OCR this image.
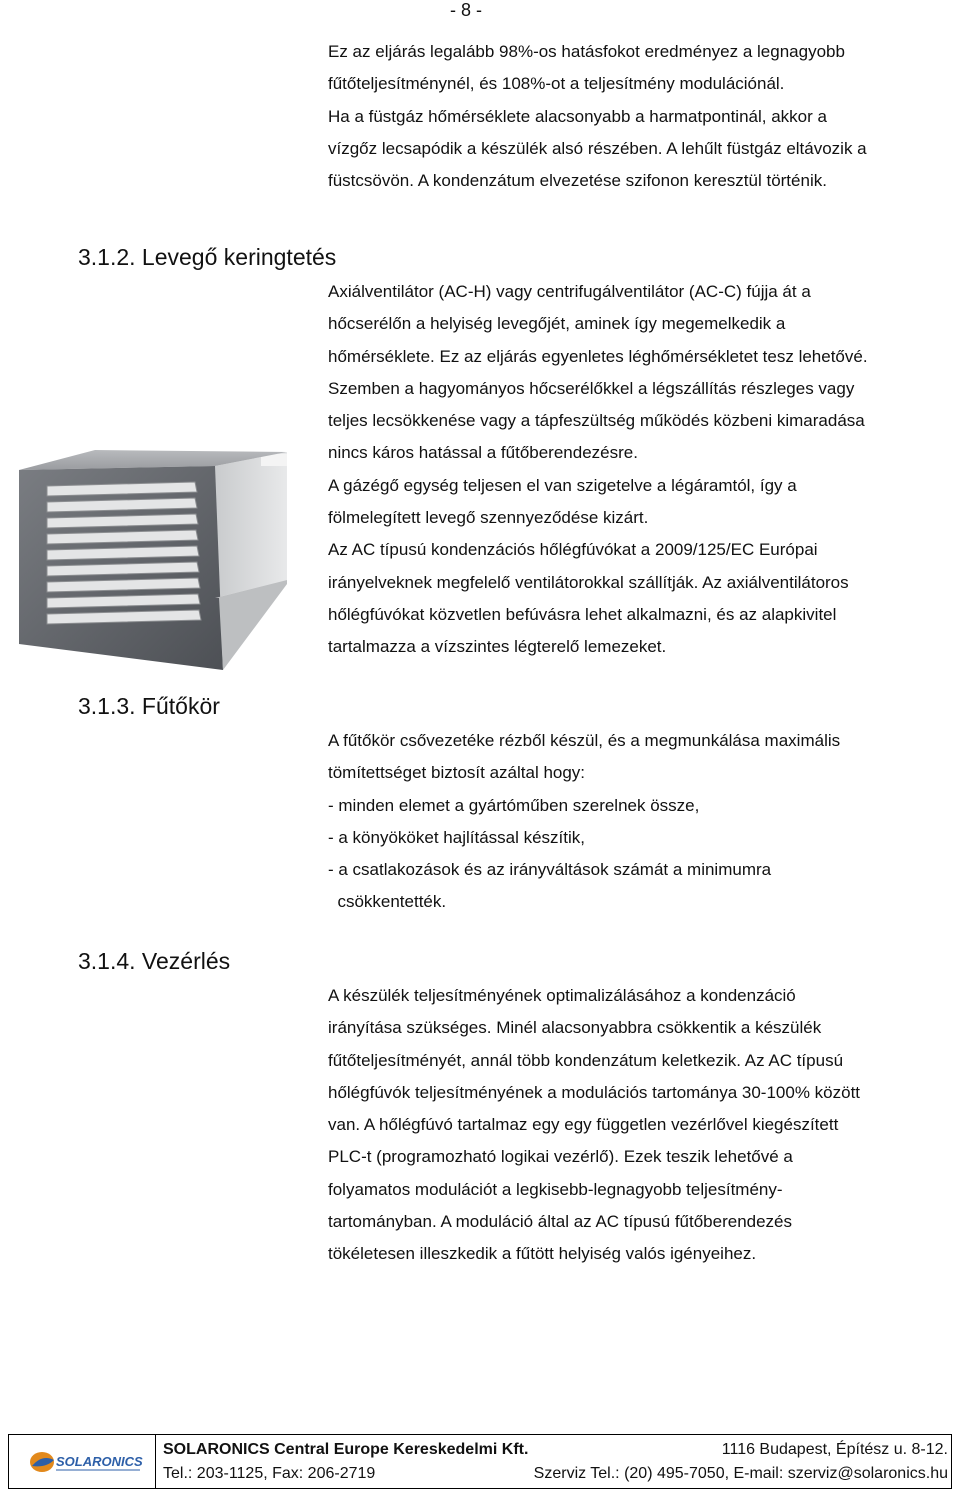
- 8 -
Ez az eljárás legalább 98%-os hatásfokot eredményez a legnagyobb
fűtőteljesítménynél, és 108%-ot a teljesítmény modulációnál.
Ha a füstgáz hőmérséklete alacsonyabb a harmatpontinál, akkor a
vízgőz lecsapódik a készülék alsó részében. A lehűlt füstgáz eltávozik a
füstcsövön. A kondenzátum elvezetése szifonon keresztül történik.
3.1.2. Levegő keringtetés
Axiálventilátor (AC-H) vagy centrifugálventilátor (AC-C) fújja át a
hőcserélőn a helyiség levegőjét, aminek így megemelkedik a
hőmérséklete. Ez az eljárás egyenletes léghőmérsékletet tesz lehetővé.
Szemben a hagyományos hőcserélőkkel a légszállítás részleges vagy
teljes lecsökkenése vagy a tápfeszültség működés közbeni kimaradása
nincs káros hatással a fűtőberendezésre.
A gázégő egység teljesen el van szigetelve a légáramtól, így a
fölmelegített levegő szennyeződése kizárt.
Az AC típusú kondenzációs hőlégfúvókat a 2009/125/EC Európai
irányelveknek megfelelő ventilátorokkal szállítják. Az axiálventilátoros
hőlégfúvókat közvetlen befúvásra lehet alkalmazni, és az alapkivitel
tartalmazza a vízszintes légterelő lemezeket.
3.1.3. Fűtőkör
A fűtőkör csővezetéke rézből készül, és a megmunkálása maximális
tömítettséget biztosít azáltal hogy:
- minden elemet a gyártóműben szerelnek össze,
- a könyököket hajlítással készítik,
- a csatlakozások és az irányváltások számát a minimumra
csökkentették.
3.1.4. Vezérlés
A készülék teljesítményének optimalizálásához a kondenzáció
irányítása szükséges. Minél alacsonyabbra csökkentik a készülék
fűtőteljesítményét, annál több kondenzátum keletkezik. Az AC típusú
hőlégfúvók teljesítményének a modulációs tartománya 30-100% között
van. A hőlégfúvó tartalmaz egy egy független vezérlővel kiegészített
PLC-t (programozható logikai vezérlő). Ezek teszik lehetővé a
folyamatos modulációt a legkisebb-legnagyobb teljesítmény-
tartományban. A moduláció által az AC típusú fűtőberendezés
tökéletesen illeszkedik a fűtött helyiség valós igényeihez.
SOLARONICS
SOLARONICS Central Europe Kereskedelmi Kft.	1116 Budapest, Építész u. 8-12.
Tel.: 203-1125, Fax: 206-2719	Szerviz Tel.: (20) 495-7050, E-mail: szerviz@solaronics.hu
